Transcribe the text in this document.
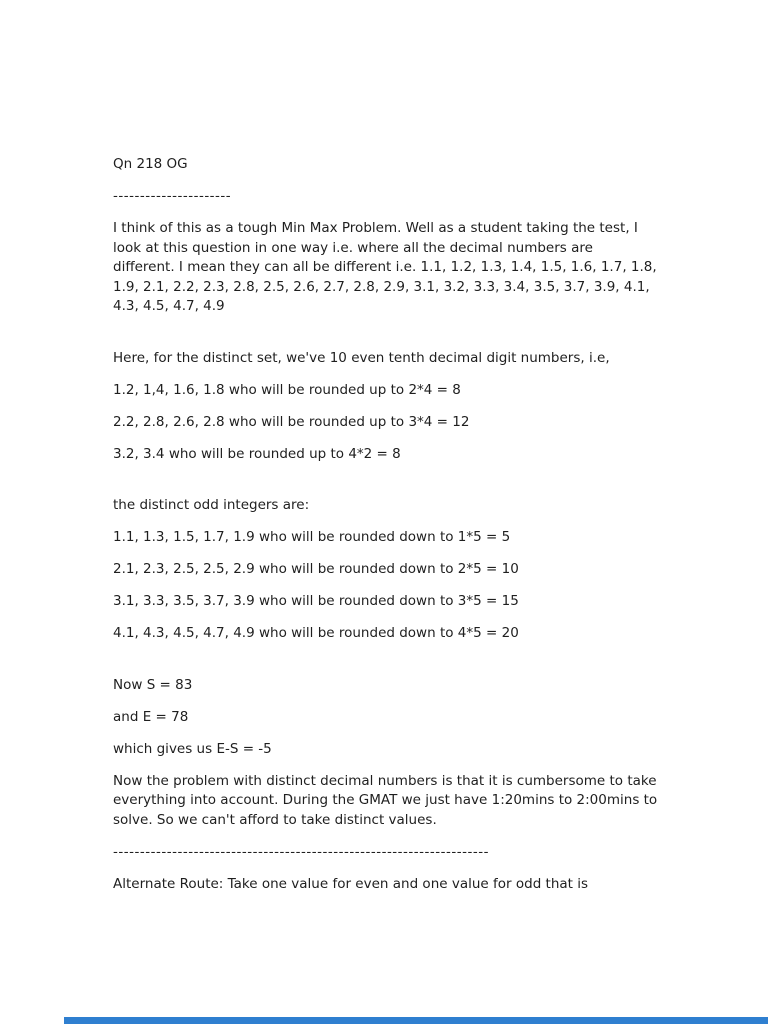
Qn 218 OG

----------------------

I think of this as a tough Min Max Problem. Well as a student taking the test, I look at this question in one way i.e. where all the decimal numbers are different. I mean they can all be different i.e. 1.1, 1.2, 1.3, 1.4, 1.5, 1.6, 1.7, 1.8, 1.9, 2.1, 2.2, 2.3, 2.8, 2.5, 2.6, 2.7, 2.8, 2.9, 3.1, 3.2, 3.3, 3.4, 3.5, 3.7, 3.9, 4.1, 4.3, 4.5, 4.7, 4.9

Here, for the distinct set, we've 10 even tenth decimal digit numbers, i.e,

1.2, 1,4, 1.6, 1.8 who will be rounded up to 2*4 = 8

2.2, 2.8, 2.6, 2.8 who will be rounded up to 3*4 = 12

3.2, 3.4 who will be rounded up to 4*2 = 8

the distinct odd integers are:

1.1, 1.3, 1.5, 1.7, 1.9 who will be rounded down to 1*5 = 5

2.1, 2.3, 2.5, 2.5, 2.9 who will be rounded down to 2*5 = 10

3.1, 3.3, 3.5, 3.7, 3.9 who will be rounded down to 3*5 = 15

4.1, 4.3, 4.5, 4.7, 4.9 who will be rounded down to 4*5 = 20

Now S = 83

and E = 78

which gives us E-S = -5

Now the problem with distinct decimal numbers is that it is cumbersome to take everything into account. During the GMAT we just have 1:20mins to 2:00mins to solve. So we can't afford to take distinct values.

----------------------------------------------------------------------

Alternate Route: Take one value for even and one value for odd that is
